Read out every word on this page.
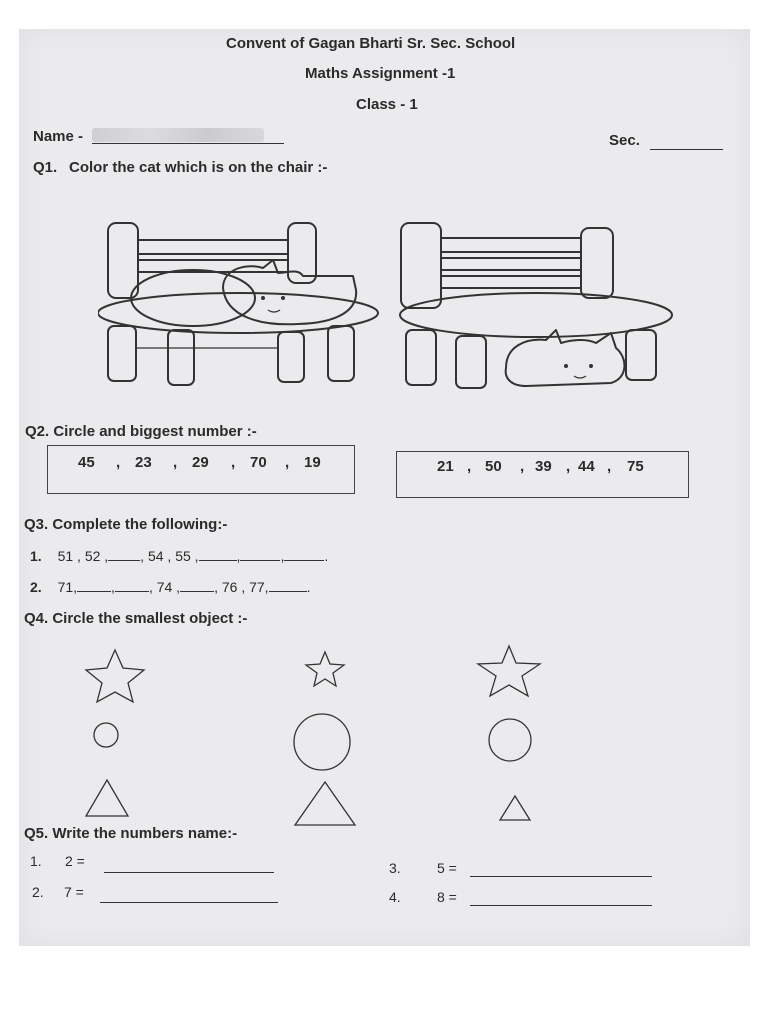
Convent of Gagan Bharti Sr. Sec. School
Maths Assignment -1
Class - 1
Name -	Sec.
Q1. Color the cat which is on the chair :-
Q2. Circle and biggest number :-
45 , 23 , 29 , 70 , 19	21 , 50 , 39 , 44 , 75
Q3. Complete the following:-
1. 51 , 52 , , 54 , 55 ,	,	,	.
2. 71, , , 74 , , 76 , 77,	.
Q4. Circle the smallest object :-
Q5. Write the numbers name:-
1. 2 =
2. 7 =
3.	5 =
4.	8 =
